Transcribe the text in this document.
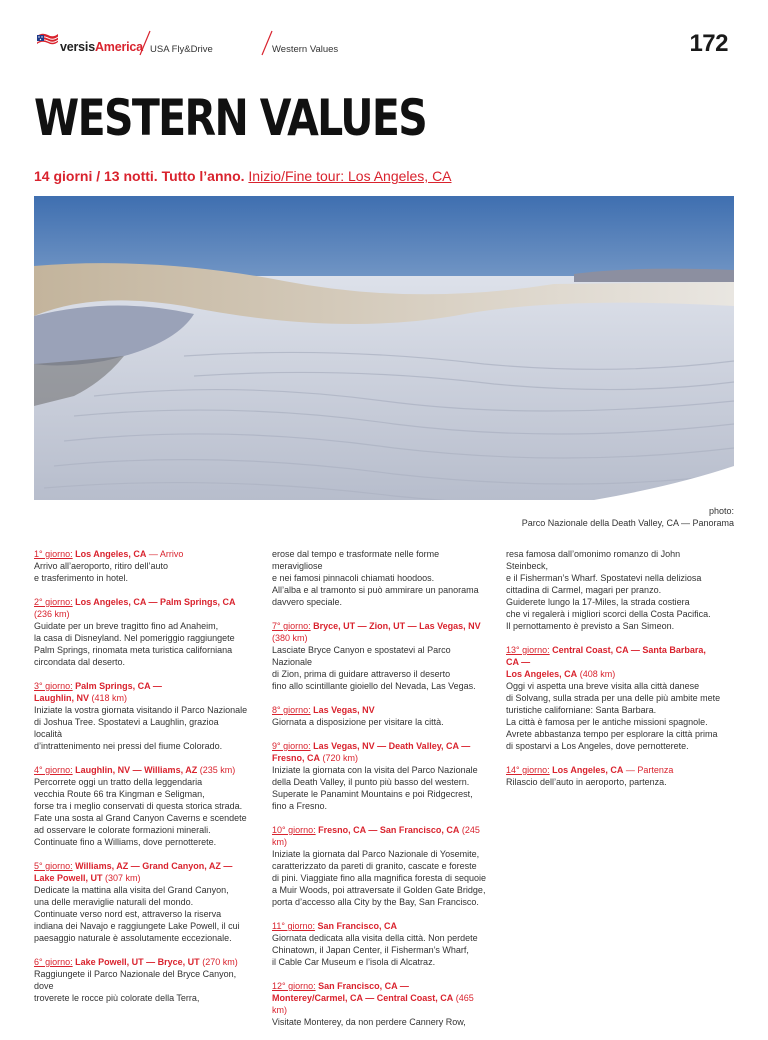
versisAmerica USA Fly&Drive	Western Values	172
WESTERN VALUES
14 giorni / 13 notti. Tutto l’anno. Inizio/Fine tour: Los Angeles, CA
photo:
Parco Nazionale della Death Valley, CA — Panorama
1° giorno: Los Angeles, CA — Arrivo

Arrivo all’aeroporto, ritiro dell’auto
e trasferimento in hotel.

2° giorno: Los Angeles, CA — Palm Springs, CA (236 km)

Guidate per un breve tragitto fino ad Anaheim,
la casa di Disneyland. Nel pomeriggio raggiungete
Palm Springs, rinomata meta turistica californiana
circondata dal deserto.

3° giorno: Palm Springs, CA —
Laughlin, NV (418 km)

Iniziate la vostra giornata visitando il Parco Nazionale
di Joshua Tree. Spostatevi a Laughlin, grazioa località
d’intrattenimento nei pressi del fiume Colorado.

4° giorno: Laughlin, NV — Williams, AZ (235 km)

Percorrete oggi un tratto della leggendaria
vecchia Route 66 tra Kingman e Seligman,
forse tra i meglio conservati di questa storica strada.
Fate una sosta al Grand Canyon Caverns e scendete
ad osservare le colorate formazioni minerali.
Continuate fino a Williams, dove pernotterete.

5° giorno: Williams, AZ — Grand Canyon, AZ —
Lake Powell, UT (307 km)

Dedicate la mattina alla visita del Grand Canyon,
una delle meraviglie naturali del mondo.
Continuate verso nord est, attraverso la riserva
indiana dei Navajo e raggiungete Lake Powell, il cui
paesaggio naturale è assolutamente eccezionale.

6° giorno: Lake Powell, UT — Bryce, UT (270 km)

Raggiungete il Parco Nazionale del Bryce Canyon, dove
troverete le rocce più colorate della Terra,

erose dal tempo e trasformate nelle forme meravigliose
e nei famosi pinnacoli chiamati hoodoos.
All’alba e al tramonto si può ammirare un panorama
davvero speciale.

7° giorno: Bryce, UT — Zion, UT — Las Vegas, NV (380 km)

Lasciate Bryce Canyon e spostatevi al Parco Nazionale
di Zion, prima di guidare attraverso il deserto
fino allo scintillante gioiello del Nevada, Las Vegas.

8° giorno: Las Vegas, NV

Giornata a disposizione per visitare la città.

9° giorno: Las Vegas, NV — Death Valley, CA —
Fresno, CA (720 km)

Iniziate la giornata con la visita del Parco Nazionale
della Death Valley, il punto più basso del western.
Superate le Panamint Mountains e poi Ridgecrest,
fino a Fresno.

10° giorno: Fresno, CA — San Francisco, CA (245 km)

Iniziate la giornata dal Parco Nazionale di Yosemite,
caratterizzato da pareti di granito, cascate e foreste
di pini. Viaggiate fino alla magnifica foresta di sequoie
a Muir Woods, poi attraversate il Golden Gate Bridge,
porta d’accesso alla City by the Bay, San Francisco.

11° giorno: San Francisco, CA

Giornata dedicata alla visita della città. Non perdete
Chinatown, il Japan Center, il Fisherman’s Wharf,
il Cable Car Museum e l’isola di Alcatraz.

12° giorno: San Francisco, CA —
Monterey/Carmel, CA — Central Coast, CA (465 km)

Visitate Monterey, da non perdere Cannery Row,

resa famosa dall’omonimo romanzo di John Steinbeck,
e il Fisherman’s Wharf. Spostatevi nella deliziosa
cittadina di Carmel, magari per pranzo.
Guiderete lungo la 17-Miles, la strada costiera
che vi regalerà i migliori scorci della Costa Pacifica.
Il pernottamento è previsto a San Simeon.

13° giorno: Central Coast, CA — Santa Barbara, CA —
Los Angeles, CA (408 km)

Oggi vi aspetta una breve visita alla città danese
di Solvang, sulla strada per una delle più ambite mete
turistiche californiane: Santa Barbara.
La città è famosa per le antiche missioni spagnole.
Avrete abbastanza tempo per esplorare la città prima
di spostarvi a Los Angeles, dove pernotterete.

14° giorno: Los Angeles, CA — Partenza

Rilascio dell’auto in aeroporto, partenza.
